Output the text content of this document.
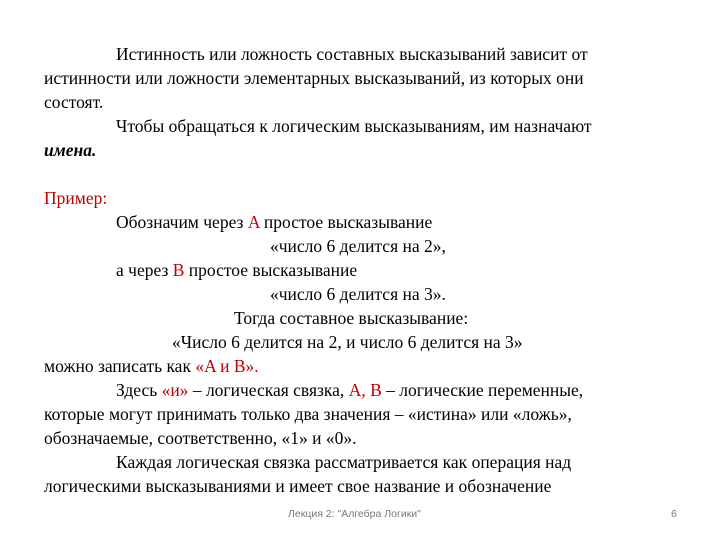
Истинность или ложность составных высказываний зависит от
истинности или ложности элементарных высказываний, из которых они
состоят.
Чтобы обращаться к логическим высказываниям, им назначают
имена.
Пример:
Обозначим через A простое высказывание
«число 6 делится на 2»,
а через B простое высказывание
«число 6 делится на 3».
Тогда составное высказывание:
«Число 6 делится на 2, и число 6 делится на 3»
можно записать как «A и B».
Здесь «и» – логическая связка, A, B – логические переменные,
которые могут принимать только два значения – «истина» или «ложь»,
обозначаемые, соответственно, «1» и «0».
Каждая логическая связка рассматривается как операция над
логическими высказываниями и имеет свое название и обозначение
Лекция 2: "Алгебра Логики"	6
